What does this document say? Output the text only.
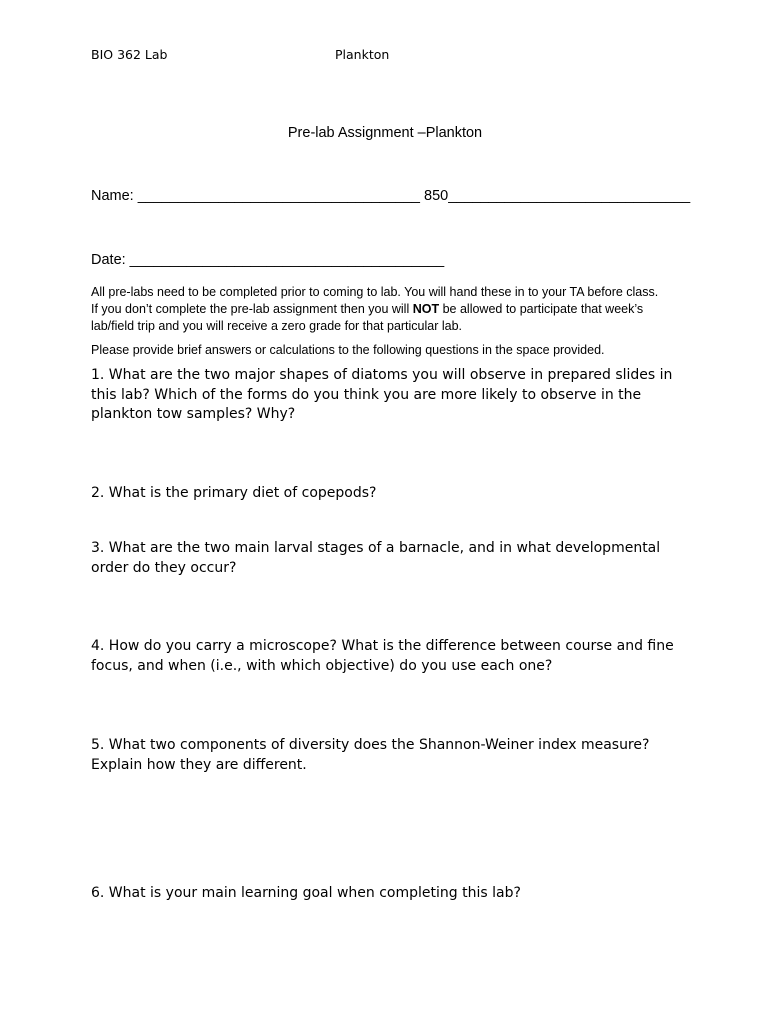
BIO 362 Lab	Plankton
Pre-lab Assignment –Plankton
Name: ___________________________________ 850______________________________
Date: _______________________________________
All pre-labs need to be completed prior to coming to lab. You will hand these in to your TA before class.
If you don’t complete the pre-lab assignment then you will NOT be allowed to participate that week’s
lab/field trip and you will receive a zero grade for that particular lab.
Please provide brief answers or calculations to the following questions in the space provided.
1. What are the two major shapes of diatoms you will observe in prepared slides in
this lab? Which of the forms do you think you are more likely to observe in the
plankton tow samples? Why?
2. What is the primary diet of copepods?
3. What are the two main larval stages of a barnacle, and in what developmental
order do they occur?
4. How do you carry a microscope? What is the difference between course and fine
focus, and when (i.e., with which objective) do you use each one?
5. What two components of diversity does the Shannon-Weiner index measure?
Explain how they are different.
6. What is your main learning goal when completing this lab?
